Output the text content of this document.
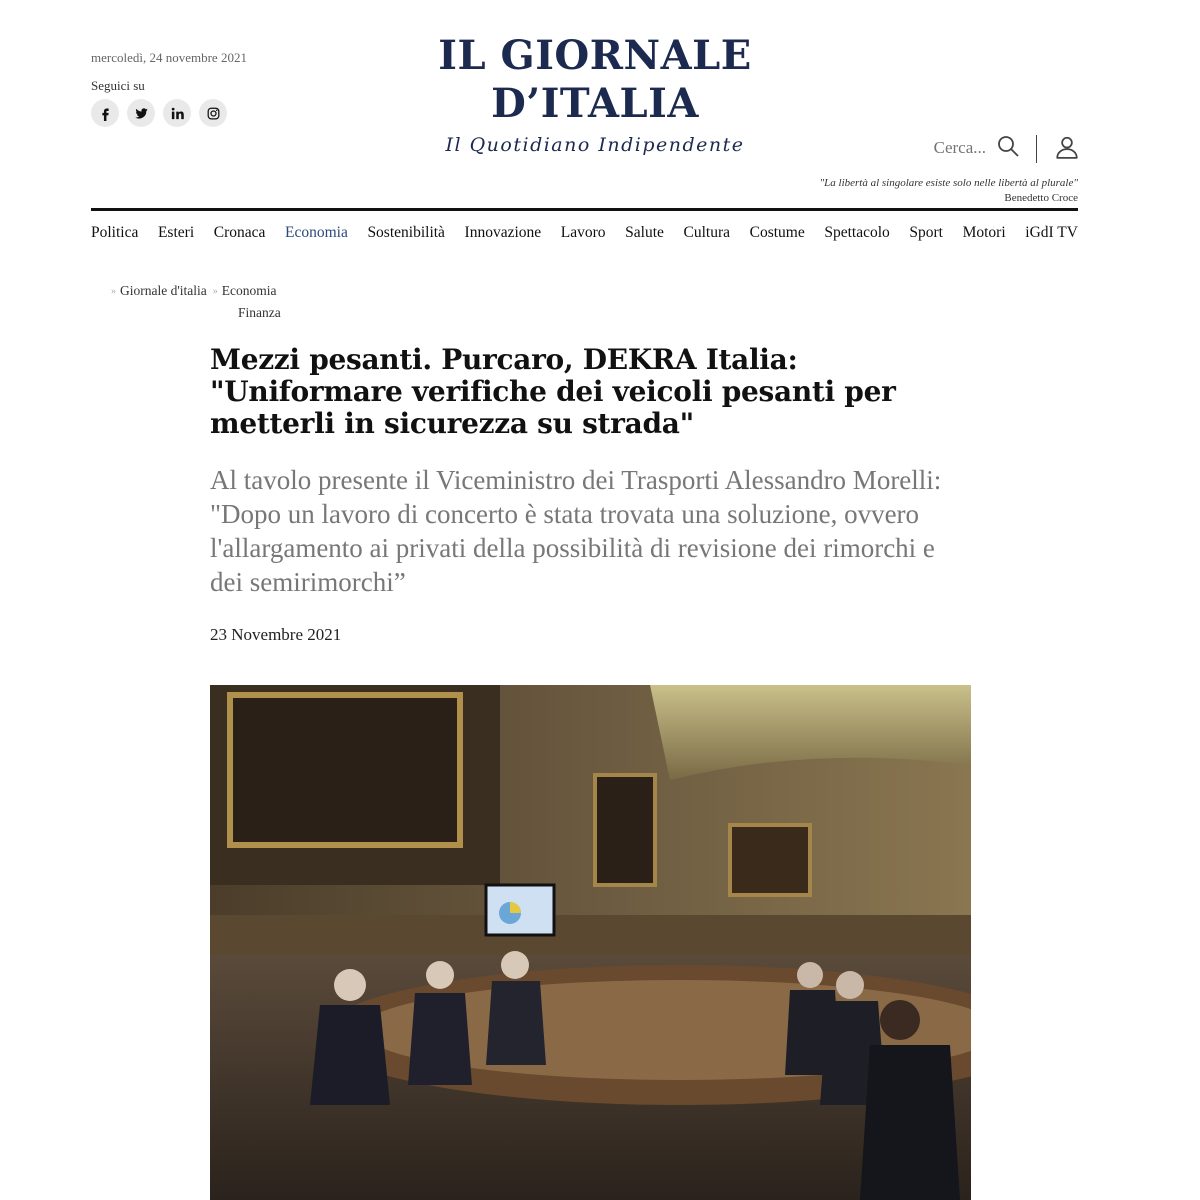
mercoledì, 24 novembre 2021
Seguici su
IL GIORNALE D’ITALIA
Il Quotidiano Indipendente
Cerca...
"La libertà al singolare esiste solo nelle libertà al plurale"
Benedetto Croce
Politica Esteri Cronaca Economia Sostenibilità Innovazione Lavoro Salute Cultura Costume Spettacolo Sport Motori iGdI TV
» Giornale d'italia » Economia
Finanza
Mezzi pesanti. Purcaro, DEKRA Italia: "Uniformare verifiche dei veicoli pesanti per metterli in sicurezza su strada"

Al tavolo presente il Viceministro dei Trasporti Alessandro Morelli: "Dopo un lavoro di concerto è stata trovata una soluzione, ovvero l'allargamento ai privati della possibilità di revisione dei rimorchi e dei semirimorchi”

23 Novembre 2021
